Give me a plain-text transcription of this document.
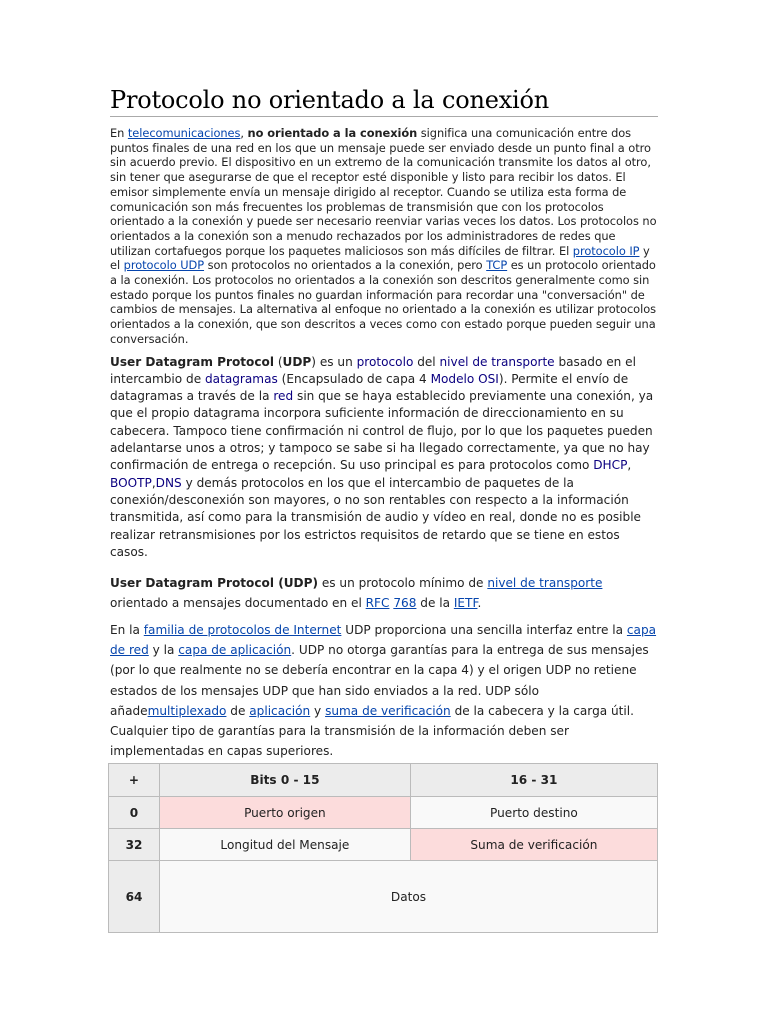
Protocolo no orientado a la conexión

En telecomunicaciones, no orientado a la conexión significa una comunicación entre dos puntos finales de una red en los que un mensaje puede ser enviado desde un punto final a otro sin acuerdo previo. El dispositivo en un extremo de la comunicación transmite los datos al otro, sin tener que asegurarse de que el receptor esté disponible y listo para recibir los datos. El emisor simplemente envía un mensaje dirigido al receptor. Cuando se utiliza esta forma de comunicación son más frecuentes los problemas de transmisión que con los protocolos orientado a la conexión y puede ser necesario reenviar varias veces los datos. Los protocolos no orientados a la conexión son a menudo rechazados por los administradores de redes que utilizan cortafuegos porque los paquetes maliciosos son más difíciles de filtrar. El protocolo IP y el protocolo UDP son protocolos no orientados a la conexión, pero TCP es un protocolo orientado a la conexión. Los protocolos no orientados a la conexión son descritos generalmente como sin estado porque los puntos finales no guardan información para recordar una "conversación" de cambios de mensajes. La alternativa al enfoque no orientado a la conexión es utilizar protocolos orientados a la conexión, que son descritos a veces como con estado porque pueden seguir una conversación.

User Datagram Protocol (UDP) es un protocolo del nivel de transporte basado en el intercambio de datagramas (Encapsulado de capa 4 Modelo OSI). Permite el envío de datagramas a través de la red sin que se haya establecido previamente una conexión, ya que el propio datagrama incorpora suficiente información de direccionamiento en su cabecera. Tampoco tiene confirmación ni control de flujo, por lo que los paquetes pueden adelantarse unos a otros; y tampoco se sabe si ha llegado correctamente, ya que no hay confirmación de entrega o recepción. Su uso principal es para protocolos como DHCP, BOOTP,DNS y demás protocolos en los que el intercambio de paquetes de la conexión/desconexión son mayores, o no son rentables con respecto a la información transmitida, así como para la transmisión de audio y vídeo en real, donde no es posible realizar retransmisiones por los estrictos requisitos de retardo que se tiene en estos casos.

User Datagram Protocol (UDP) es un protocolo mínimo de nivel de transporte orientado a mensajes documentado en el RFC 768 de la IETF.

En la familia de protocolos de Internet UDP proporciona una sencilla interfaz entre la capa de red y la capa de aplicación. UDP no otorga garantías para la entrega de sus mensajes (por lo que realmente no se debería encontrar en la capa 4) y el origen UDP no retiene estados de los mensajes UDP que han sido enviados a la red. UDP sólo añademultiplexado de aplicación y suma de verificación de la cabecera y la carga útil. Cualquier tipo de garantías para la transmisión de la información deben ser implementadas en capas superiores.

+	Bits 0 - 15	16 - 31
0	Puerto origen	Puerto destino
32	Longitud del Mensaje	Suma de verificación
64	Datos	
